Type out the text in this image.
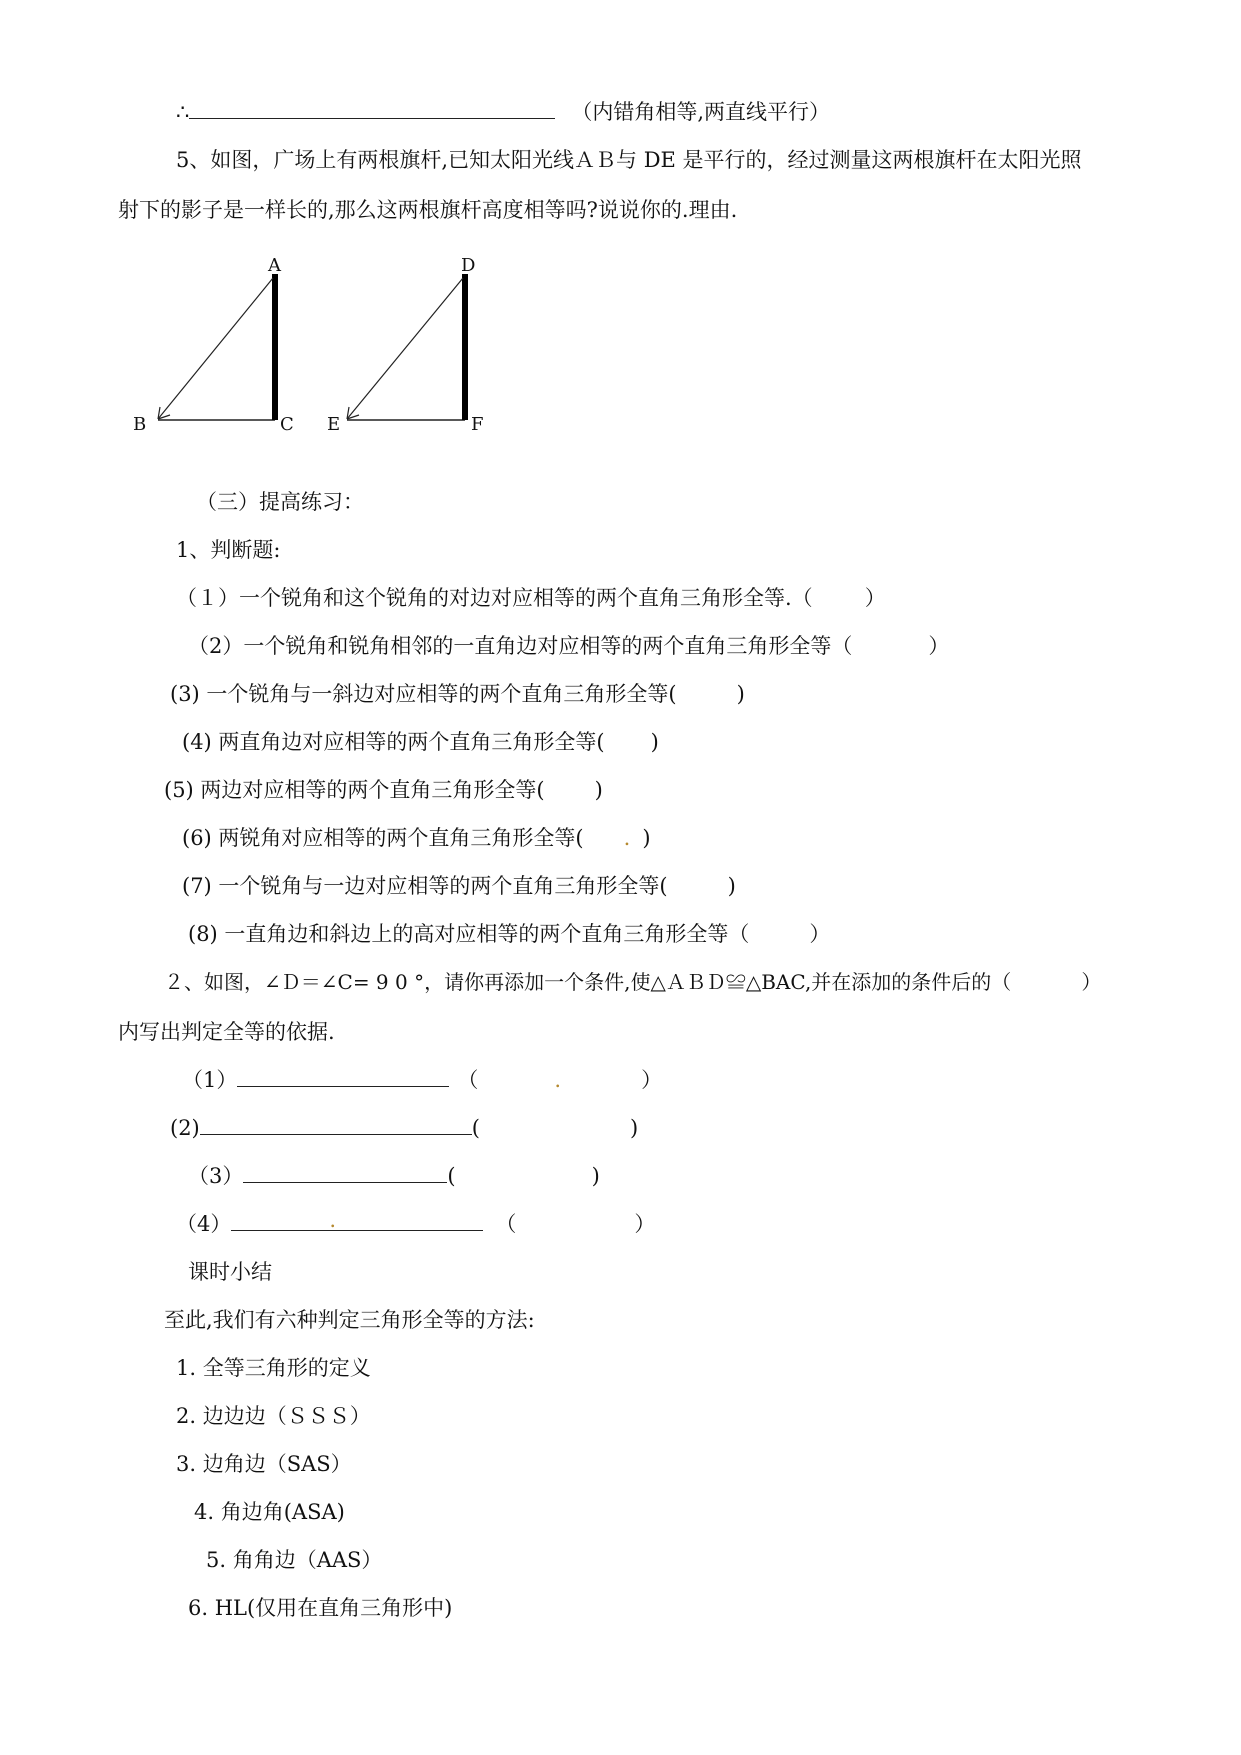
∴	（内错角相等,两直线平行）
5、如图，广场上有两根旗杆,已知太阳光线ＡＢ与 DE 是平行的，经过测量这两根旗杆在太阳光照
射下的影子是一样长的,那么这两根旗杆高度相等吗?说说你的.理由.
A
B	C
D
E	F
（三）提高练习：
1、判断题:
（１）一个锐角和这个锐角的对边对应相等的两个直角三角形全等.（ ）
（2）一个锐角和锐角相邻的一直角边对应相等的两个直角三角形全等（	）
(3) 一个锐角与一斜边对应相等的两个直角三角形全等(	)
(4) 两直角边对应相等的两个直角三角形全等( )
(5) 两边对应相等的两个直角三角形全等( )
(6) 两锐角对应相等的两个直角三角形全等( . )
(7) 一个锐角与一边对应相等的两个直角三角形全等(	)
(8) 一直角边和斜边上的高对应相等的两个直角三角形全等（	）
２、如图，∠Ｄ＝∠C= 9 0 °，请你再添加一个条件,使△ＡＢＤ≌△BAC,并在添加的条件后的（	）
内写出判定全等的依据.
（1）	（	.	）
(2)	(	)
（3）	(	)
（4）	.	（	）
课时小结
至此,我们有六种判定三角形全等的方法:
1. 全等三角形的定义
2. 边边边（ＳＳＳ）
3. 边角边（SAS）
4. 角边角(ASA)
5. 角角边（AAS）
6. HL(仅用在直角三角形中)
